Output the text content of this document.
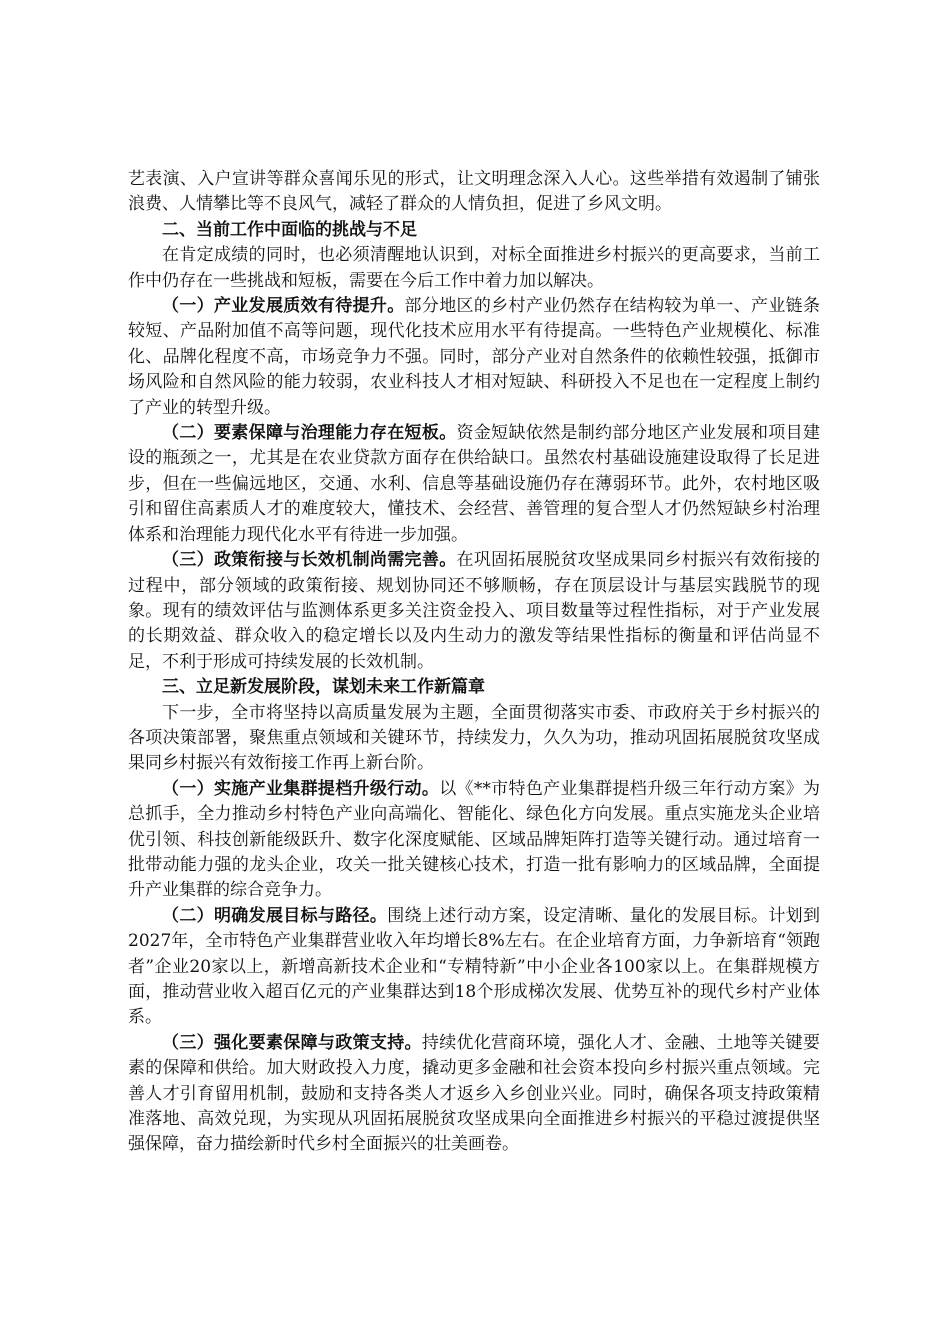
艺表演、入户宣讲等群众喜闻乐见的形式，让文明理念深入人心。这些举措有效遏制了铺张浪费、人情攀比等不良风气，减轻了群众的人情负担，促进了乡风文明。

二、当前工作中面临的挑战与不足

在肯定成绩的同时，也必须清醒地认识到，对标全面推进乡村振兴的更高要求，当前工作中仍存在一些挑战和短板，需要在今后工作中着力加以解决。

（一）产业发展质效有待提升。部分地区的乡村产业仍然存在结构较为单一、产业链条较短、产品附加值不高等问题，现代化技术应用水平有待提高。一些特色产业规模化、标准化、品牌化程度不高，市场竞争力不强。同时，部分产业对自然条件的依赖性较强，抵御市场风险和自然风险的能力较弱，农业科技人才相对短缺、科研投入不足也在一定程度上制约了产业的转型升级。

（二）要素保障与治理能力存在短板。资金短缺依然是制约部分地区产业发展和项目建设的瓶颈之一，尤其是在农业贷款方面存在供给缺口。虽然农村基础设施建设取得了长足进步，但在一些偏远地区，交通、水利、信息等基础设施仍存在薄弱环节。此外，农村地区吸引和留住高素质人才的难度较大，懂技术、会经营、善管理的复合型人才仍然短缺乡村治理体系和治理能力现代化水平有待进一步加强。

（三）政策衔接与长效机制尚需完善。在巩固拓展脱贫攻坚成果同乡村振兴有效衔接的过程中，部分领域的政策衔接、规划协同还不够顺畅，存在顶层设计与基层实践脱节的现象。现有的绩效评估与监测体系更多关注资金投入、项目数量等过程性指标，对于产业发展的长期效益、群众收入的稳定增长以及内生动力的激发等结果性指标的衡量和评估尚显不足，不利于形成可持续发展的长效机制。

三、立足新发展阶段，谋划未来工作新篇章

下一步，全市将坚持以高质量发展为主题，全面贯彻落实市委、市政府关于乡村振兴的各项决策部署，聚焦重点领域和关键环节，持续发力，久久为功，推动巩固拓展脱贫攻坚成果同乡村振兴有效衔接工作再上新台阶。

（一）实施产业集群提档升级行动。以《**市特色产业集群提档升级三年行动方案》为总抓手，全力推动乡村特色产业向高端化、智能化、绿色化方向发展。重点实施龙头企业培优引领、科技创新能级跃升、数字化深度赋能、区域品牌矩阵打造等关键行动。通过培育一批带动能力强的龙头企业，攻关一批关键核心技术，打造一批有影响力的区域品牌，全面提升产业集群的综合竞争力。

（二）明确发展目标与路径。围绕上述行动方案，设定清晰、量化的发展目标。计划到2027年，全市特色产业集群营业收入年均增长8%左右。在企业培育方面，力争新培育“领跑者”企业20家以上，新增高新技术企业和“专精特新”中小企业各100家以上。在集群规模方面，推动营业收入超百亿元的产业集群达到18个形成梯次发展、优势互补的现代乡村产业体系。

（三）强化要素保障与政策支持。持续优化营商环境，强化人才、金融、土地等关键要素的保障和供给。加大财政投入力度，撬动更多金融和社会资本投向乡村振兴重点领域。完善人才引育留用机制，鼓励和支持各类人才返乡入乡创业兴业。同时，确保各项支持政策精准落地、高效兑现，为实现从巩固拓展脱贫攻坚成果向全面推进乡村振兴的平稳过渡提供坚强保障，奋力描绘新时代乡村全面振兴的壮美画卷。
